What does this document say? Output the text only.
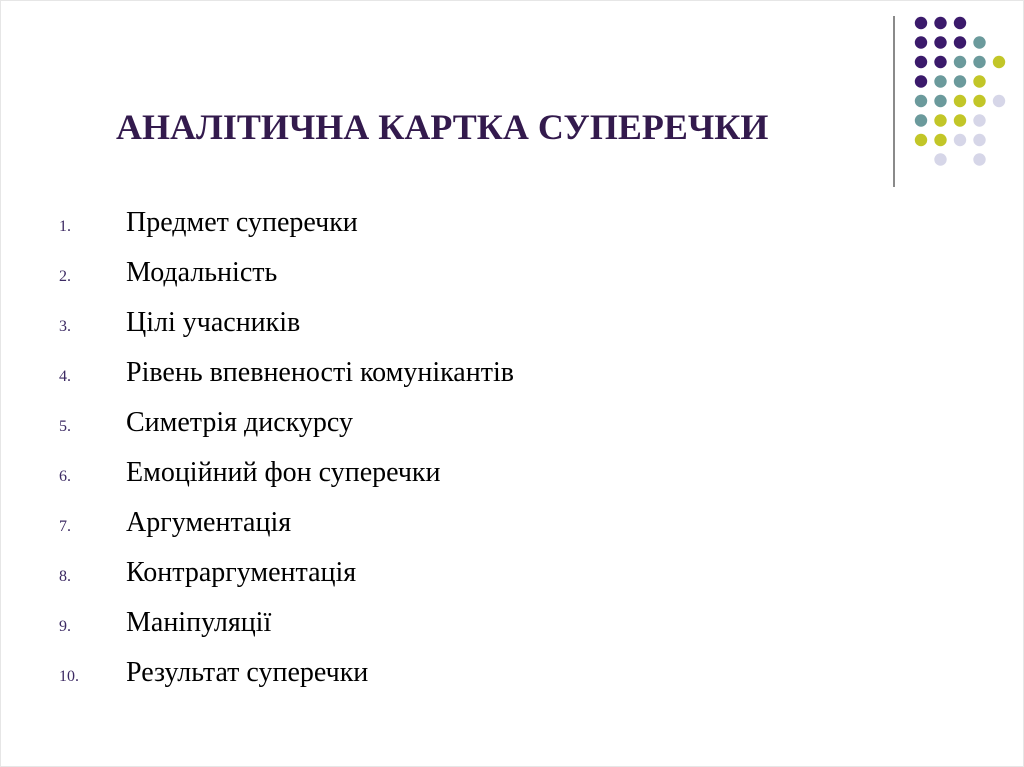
АНАЛІТИЧНА КАРТКА СУПЕРЕЧКИ
1. Предмет суперечки
2. Модальність
3. Цілі учасників
4. Рівень впевненості комунікантів
5. Симетрія дискурсу
6. Емоційний фон суперечки
7. Аргументація
8. Контраргументація
9. Маніпуляції
10. Результат суперечки
